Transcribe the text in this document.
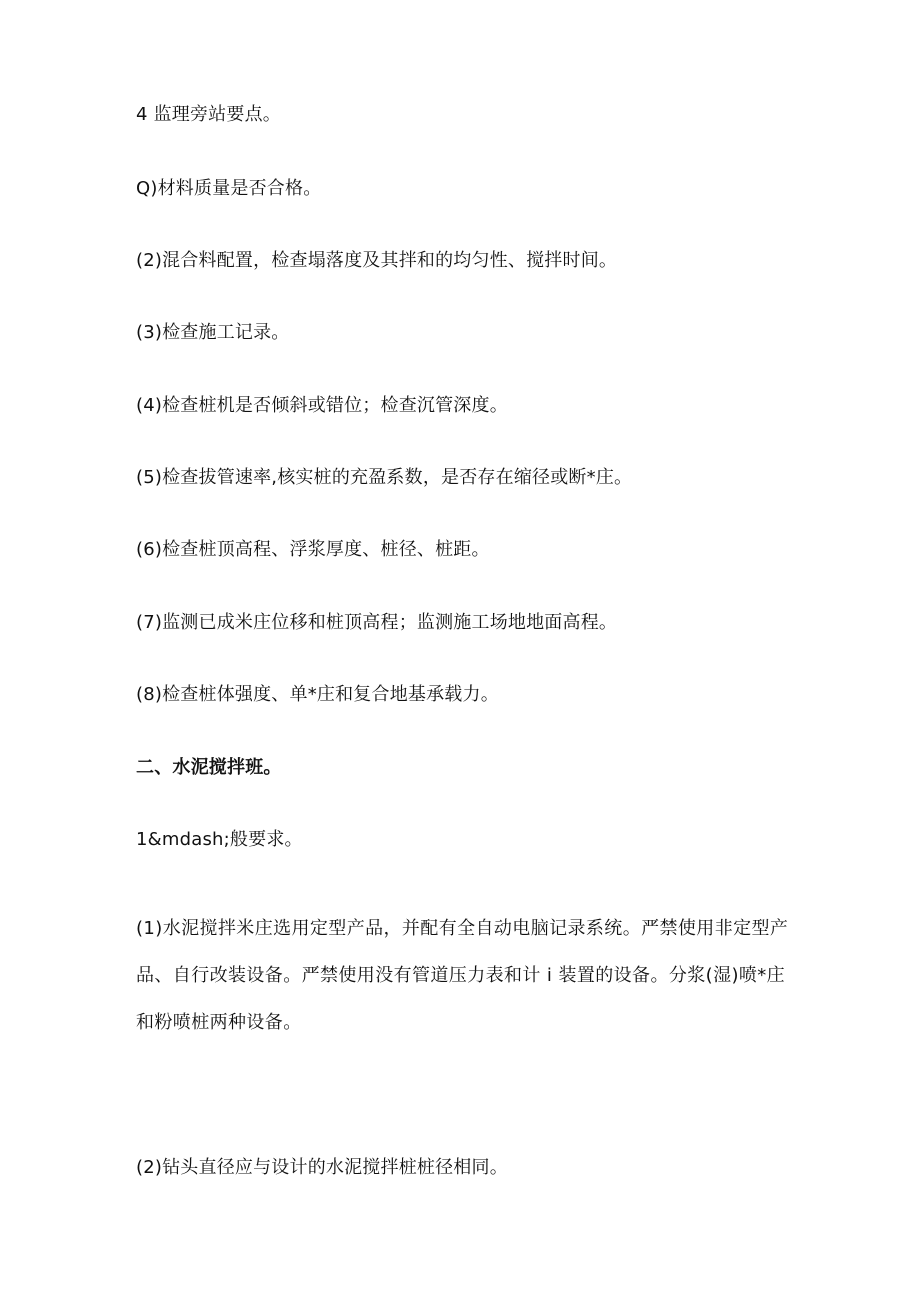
4 监理旁站要点。
Q)材料质量是否合格。
(2)混合料配置，检查塌落度及其拌和的均匀性、搅拌时间。
(3)检查施工记录。
(4)检查桩机是否倾斜或错位；检查沉管深度。
(5)检查拔管速率,核实桩的充盈系数，是否存在缩径或断*庄。
(6)检查桩顶高程、浮浆厚度、桩径、桩距。
(7)监测已成米庄位移和桩顶高程；监测施工场地地面高程。
(8)检查桩体强度、单*庄和复合地基承载力。
二、水泥搅拌班。
1&mdash;般要求。

(1)水泥搅拌米庄选用定型产品，并配有全自动电脑记录系统。严禁使用非定型产品、自行改装设备。严禁使用没有管道压力表和计 i 装置的设备。分浆(湿)喷*庄和粉喷桩两种设备。

(2)钻头直径应与设计的水泥搅拌桩桩径相同。
